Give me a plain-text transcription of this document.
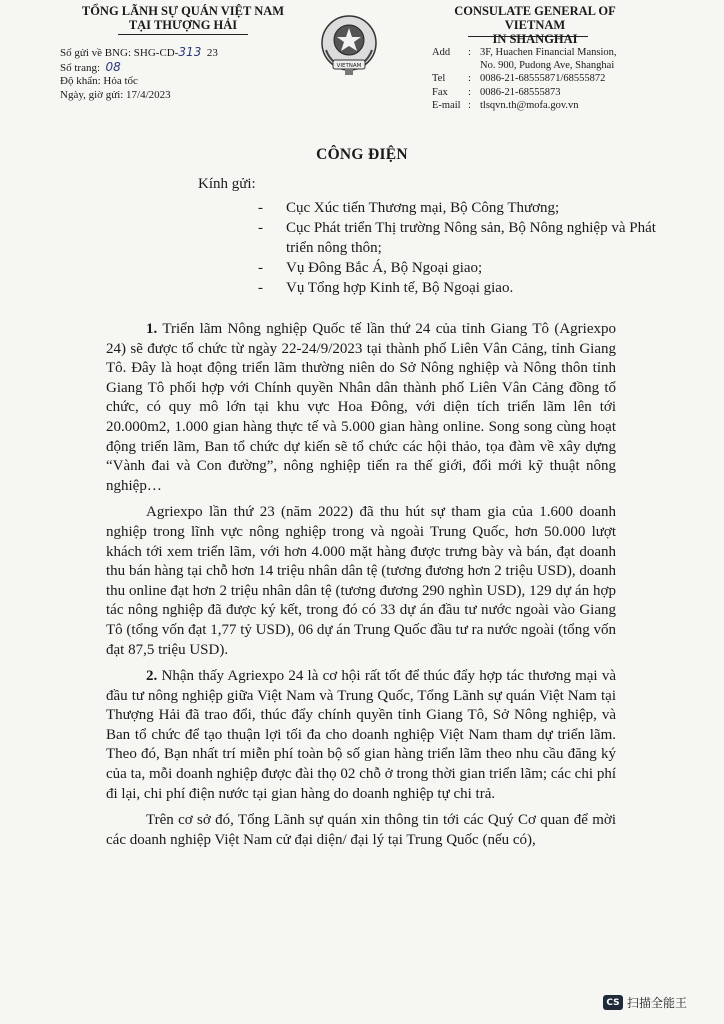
TỔNG LÃNH SỰ QUÁN VIỆT NAM
TẠI THƯỢNG HẢI
Số gửi về BNG: SHG-CD-313 23
Số trang: 08
Độ khẩn: Hỏa tốc
Ngày, giờ gửi: 17/4/2023
VIETNAM
CONSULATE GENERAL OF VIETNAM
IN SHANGHAI
Add	: 3F, Huachen Financial Mansion,
No. 900, Pudong Ave, Shanghai
Tel	: 0086-21-68555871/68555872
Fax	: 0086-21-68555873
E-mail : tlsqvn.th@mofa.gov.vn
CÔNG ĐIỆN
Kính gửi:
- Cục Xúc tiến Thương mại, Bộ Công Thương;
- Cục Phát triển Thị trường Nông sản, Bộ Nông nghiệp và Phát triển nông thôn;
- Vụ Đông Bắc Á, Bộ Ngoại giao;
- Vụ Tổng hợp Kinh tế, Bộ Ngoại giao.

1. Triển lãm Nông nghiệp Quốc tế lần thứ 24 của tỉnh Giang Tô (Agriexpo 24) sẽ được tổ chức từ ngày 22-24/9/2023 tại thành phố Liên Vân Cảng, tỉnh Giang Tô. Đây là hoạt động triển lãm thường niên do Sở Nông nghiệp và Nông thôn tỉnh Giang Tô phối hợp với Chính quyền Nhân dân thành phố Liên Vân Cảng đồng tổ chức, có quy mô lớn tại khu vực Hoa Đông, với diện tích triển lãm lên tới 20.000m2, 1.000 gian hàng thực tế và 5.000 gian hàng online. Song song cùng hoạt động triển lãm, Ban tổ chức dự kiến sẽ tổ chức các hội thảo, tọa đàm về xây dựng “Vành đai và Con đường”, nông nghiệp tiến ra thế giới, đổi mới kỹ thuật nông nghiệp…

Agriexpo lần thứ 23 (năm 2022) đã thu hút sự tham gia của 1.600 doanh nghiệp trong lĩnh vực nông nghiệp trong và ngoài Trung Quốc, hơn 50.000 lượt khách tới xem triển lãm, với hơn 4.000 mặt hàng được trưng bày và bán, đạt doanh thu bán hàng tại chỗ hơn 14 triệu nhân dân tệ (tương đương hơn 2 triệu USD), doanh thu online đạt hơn 2 triệu nhân dân tệ (tương đương 290 nghìn USD), 129 dự án hợp tác nông nghiệp đã được ký kết, trong đó có 33 dự án đầu tư nước ngoài vào Giang Tô (tổng vốn đạt 1,77 tỷ USD), 06 dự án Trung Quốc đầu tư ra nước ngoài (tổng vốn đạt 87,5 triệu USD).

2. Nhận thấy Agriexpo 24 là cơ hội rất tốt để thúc đẩy hợp tác thương mại và đầu tư nông nghiệp giữa Việt Nam và Trung Quốc, Tổng Lãnh sự quán Việt Nam tại Thượng Hải đã trao đổi, thúc đẩy chính quyền tỉnh Giang Tô, Sở Nông nghiệp, và Ban tổ chức để tạo thuận lợi tối đa cho doanh nghiệp Việt Nam tham dự triển lãm. Theo đó, Bạn nhất trí miễn phí toàn bộ số gian hàng triển lãm theo nhu cầu đăng ký của ta, mỗi doanh nghiệp được đài thọ 02 chỗ ở trong thời gian triển lãm; các chi phí đi lại, chi phí điện nước tại gian hàng do doanh nghiệp tự chi trả.

Trên cơ sở đó, Tổng Lãnh sự quán xin thông tin tới các Quý Cơ quan để mời các doanh nghiệp Việt Nam cử đại diện/ đại lý tại Trung Quốc (nếu có),

CS 扫描全能王
